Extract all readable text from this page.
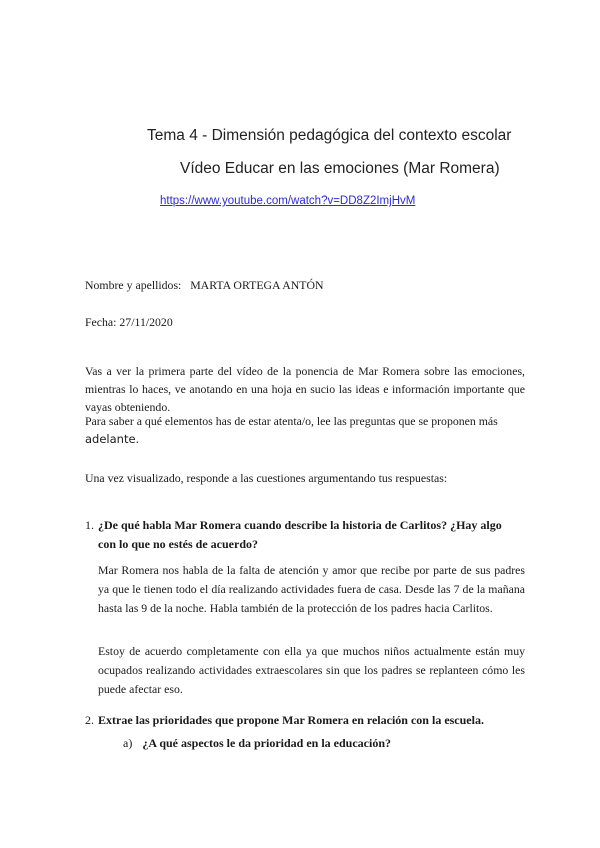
Tema 4 - Dimensión pedagógica del contexto escolar
Vídeo Educar en las emociones (Mar Romera)
https://www.youtube.com/watch?v=DD8Z2ImjHvM
Nombre y apellidos: MARTA ORTEGA ANTÓN
Fecha: 27/11/2020
Vas a ver la primera parte del vídeo de la ponencia de Mar Romera sobre las emociones, mientras lo haces, ve anotando en una hoja en sucio las ideas e información importante que vayas obteniendo.
Para saber a qué elementos has de estar atenta/o, lee las preguntas que se proponen más
adelante.
Una vez visualizado, responde a las cuestiones argumentando tus respuestas:
1. ¿De qué habla Mar Romera cuando describe la historia de Carlitos? ¿Hay algo
con lo que no estés de acuerdo?
Mar Romera nos habla de la falta de atención y amor que recibe por parte de sus padres ya que le tienen todo el día realizando actividades fuera de casa. Desde las 7 de la mañana hasta las 9 de la noche. Habla también de la protección de los padres hacia Carlitos.
Estoy de acuerdo completamente con ella ya que muchos niños actualmente están muy ocupados realizando actividades extraescolares sin que los padres se replanteen cómo les puede afectar eso.
2. Extrae las prioridades que propone Mar Romera en relación con la escuela.
a) ¿A qué aspectos le da prioridad en la educación?
